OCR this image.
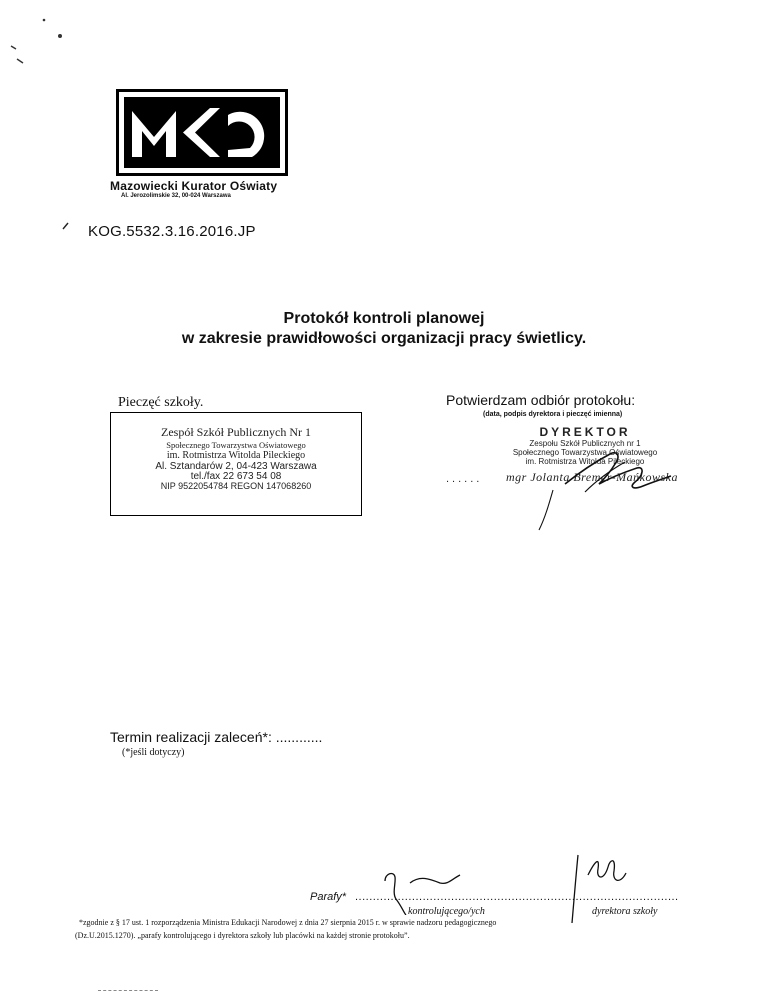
Mazowiecki Kurator Oświaty
Al. Jerozolimskie 32, 00-024 Warszawa
KOG.5532.3.16.2016.JP
Protokół kontroli planowej
w zakresie prawidłowości organizacji pracy świetlicy.
Pieczęć szkoły.
Zespół Szkół Publicznych Nr 1
Społecznego Towarzystwa Oświatowego
im. Rotmistrza Witolda Pileckiego
Al. Sztandarów 2, 04-423 Warszawa
tel./fax 22 673 54 08
NIP 9522054784 REGON 147068260
Potwierdzam odbiór protokołu:
(data, podpis dyrektora i pieczęć imienna)
DYREKTOR
Zespołu Szkół Publicznych nr 1
Społecznego Towarzystwa Oświatowego
im. Rotmistrza Witolda Pileckiego
......	mgr Jolanta Bremer-Mańkowska
Termin realizacji zaleceń*: ............
(*jeśli dotyczy)
Parafy* ...........................................................................................
kontrolującego/ych	dyrektora szkoły
*zgodnie z § 17 ust. 1 rozporządzenia Ministra Edukacji Narodowej z dnia 27 sierpnia 2015 r. w sprawie nadzoru pedagogicznego
(Dz.U.2015.1270). „parafy kontrolującego i dyrektora szkoły lub placówki na każdej stronie protokołu”.
